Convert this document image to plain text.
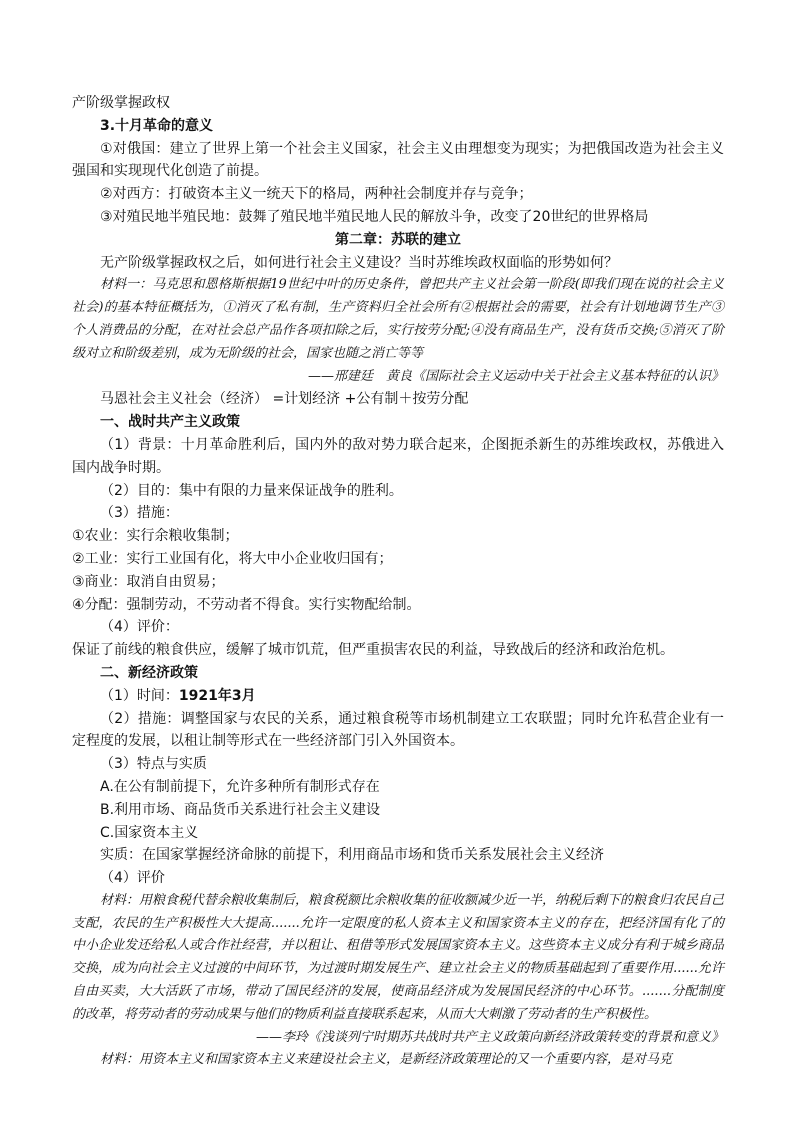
产阶级掌握政权

3.十月革命的意义

①对俄国：建立了世界上第一个社会主义国家，社会主义由理想变为现实；为把俄国改造为社会主义强国和实现现代化创造了前提。

②对西方：打破资本主义一统天下的格局，两种社会制度并存与竞争；

③对殖民地半殖民地：鼓舞了殖民地半殖民地人民的解放斗争，改变了20世纪的世界格局

第二章：苏联的建立

无产阶级掌握政权之后，如何进行社会主义建设？当时苏维埃政权面临的形势如何？

材料一：马克思和恩格斯根据19世纪中叶的历史条件，曾把共产主义社会第一阶段(即我们现在说的社会主义社会)的基本特征概括为，①消灭了私有制，生产资料归全社会所有②根据社会的需要，社会有计划地调节生产③个人消费品的分配，在对社会总产品作各项扣除之后，实行按劳分配;④没有商品生产，没有货币交换;⑤消灭了阶级对立和阶级差别，成为无阶级的社会，国家也随之消亡等等

——邢建廷　黄良《国际社会主义运动中关于社会主义基本特征的认识》

马恩社会主义社会（经济） =计划经济 +公有制＋按劳分配

一、战时共产主义政策

（1）背景：十月革命胜利后，国内外的敌对势力联合起来，企图扼杀新生的苏维埃政权，苏俄进入国内战争时期。

（2）目的：集中有限的力量来保证战争的胜利。

（3）措施：

①农业：实行余粮收集制；

②工业：实行工业国有化，将大中小企业收归国有；

③商业：取消自由贸易；

④分配：强制劳动，不劳动者不得食。实行实物配给制。

（4）评价：

保证了前线的粮食供应，缓解了城市饥荒，但严重损害农民的利益，导致战后的经济和政治危机。

二、新经济政策

（1）时间：1921年3月

（2）措施：调整国家与农民的关系，通过粮食税等市场机制建立工农联盟；同时允许私营企业有一定程度的发展，以租让制等形式在一些经济部门引入外国资本。

（3）特点与实质

A.在公有制前提下，允许多种所有制形式存在

B.利用市场、商品货币关系进行社会主义建设

C.国家资本主义

实质：在国家掌握经济命脉的前提下，利用商品市场和货币关系发展社会主义经济

（4）评价

材料：用粮食税代替余粮收集制后，粮食税额比余粮收集的征收额减少近一半，纳税后剩下的粮食归农民自己支配，农民的生产积极性大大提高.......允许一定限度的私人资本主义和国家资本主义的存在，把经济国有化了的中小企业发还给私人或合作社经营，并以租让、租借等形式发展国家资本主义。这些资本主义成分有利于城乡商品交换，成为向社会主义过渡的中间环节，为过渡时期发展生产、建立社会主义的物质基础起到了重要作用......允许自由买卖，大大活跃了市场，带动了国民经济的发展，使商品经济成为发展国民经济的中心环节。.......分配制度的改革，将劳动者的劳动成果与他们的物质利益直接联系起来，从而大大刺激了劳动者的生产积极性。

——李玲《浅谈列宁时期苏共战时共产主义政策向新经济政策转变的背景和意义》

材料：用资本主义和国家资本主义来建设社会主义，是新经济政策理论的又一个重要内容，是对马克
